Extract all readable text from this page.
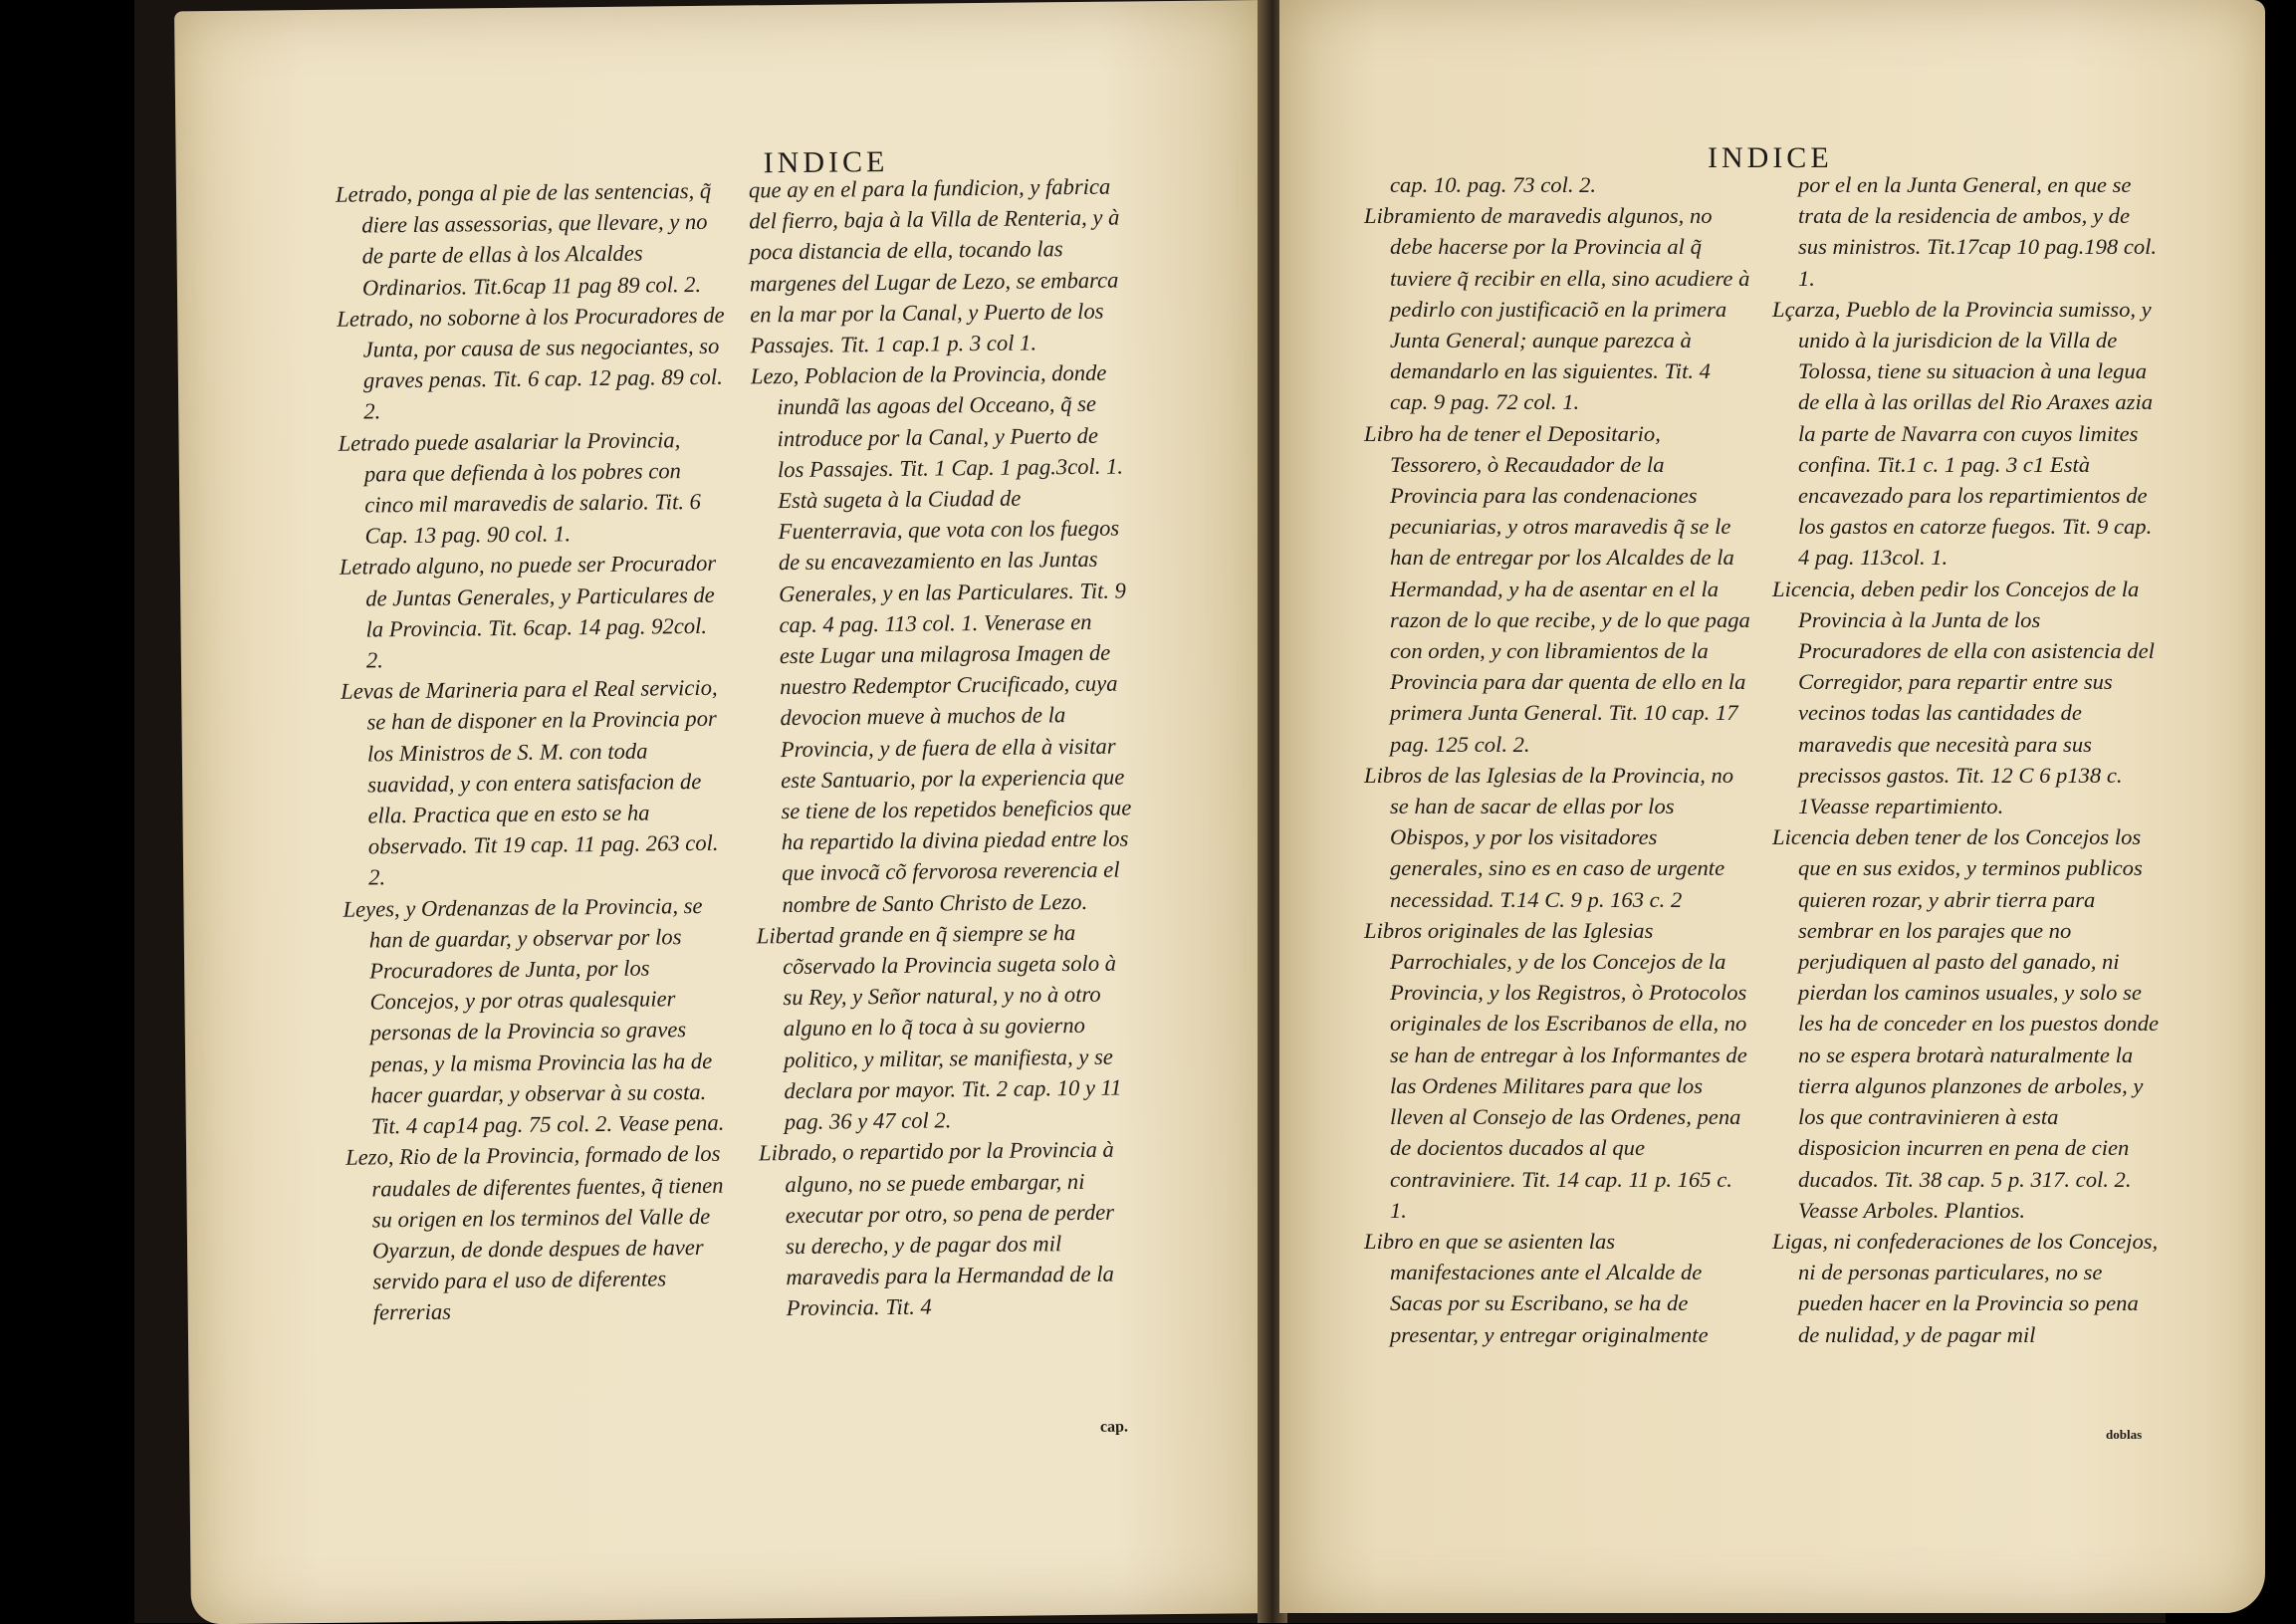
INDICE

Letrado, ponga al pie de las sentencias, q̃ diere las assessorias, que llevare, y no de parte de ellas à los Alcaldes Ordinarios. Tit.6cap 11 pag 89 col. 2.

Letrado, no soborne à los Procuradores de Junta, por causa de sus negociantes, so graves penas. Tit. 6 cap. 12 pag. 89 col. 2.

Letrado puede asalariar la Provincia, para que defienda à los pobres con cinco mil maravedis de salario. Tit. 6 Cap. 13 pag. 90 col. 1.

Letrado alguno, no puede ser Procurador de Juntas Generales, y Particulares de la Provincia. Tit. 6cap. 14 pag. 92col. 2.

Levas de Marineria para el Real servicio, se han de disponer en la Provincia por los Ministros de S. M. con toda suavidad, y con entera satisfacion de ella. Practica que en esto se ha observado. Tit 19 cap. 11 pag. 263 col. 2.

Leyes, y Ordenanzas de la Provincia, se han de guardar, y observar por los Procuradores de Junta, por los Concejos, y por otras qualesquier personas de la Provincia so graves penas, y la misma Provincia las ha de hacer guardar, y observar à su costa. Tit. 4 cap14 pag. 75 col. 2. Vease pena.

Lezo, Rio de la Provincia, formado de los raudales de diferentes fuentes, q̃ tienen su origen en los terminos del Valle de Oyarzun, de donde despues de haver servido para el uso de diferentes ferrerias

que ay en el para la fundicion, y fabrica del fierro, baja à la Villa de Renteria, y à poca distancia de ella, tocando las margenes del Lugar de Lezo, se embarca en la mar por la Canal, y Puerto de los Passajes. Tit. 1 cap.1 p. 3 col 1.

Lezo, Poblacion de la Provincia, donde inundã las agoas del Occeano, q̃ se introduce por la Canal, y Puerto de los Passajes. Tit. 1 Cap. 1 pag.3col. 1. Està sugeta à la Ciudad de Fuenterravia, que vota con los fuegos de su encavezamiento en las Juntas Generales, y en las Particulares. Tit. 9 cap. 4 pag. 113 col. 1. Venerase en este Lugar una milagrosa Imagen de nuestro Redemptor Crucificado, cuya devocion mueve à muchos de la Provincia, y de fuera de ella à visitar este Santuario, por la experiencia que se tiene de los repetidos beneficios que ha repartido la divina piedad entre los que invocã cõ fervorosa reverencia el nombre de Santo Christo de Lezo.

Libertad grande en q̃ siempre se ha cõservado la Provincia sugeta solo à su Rey, y Señor natural, y no à otro alguno en lo q̃ toca à su govierno politico, y militar, se manifiesta, y se declara por mayor. Tit. 2 cap. 10 y 11 pag. 36 y 47 col 2.

Librado, o repartido por la Provincia à alguno, no se puede embargar, ni executar por otro, so pena de perder su derecho, y de pagar dos mil maravedis para la Hermandad de la Provincia. Tit. 4

cap.
INDICE

cap. 10. pag. 73 col. 2.

Libramiento de maravedis algunos, no debe hacerse por la Provincia al q̃ tuviere q̃ recibir en ella, sino acudiere à pedirlo con justificaciõ en la primera Junta General; aunque parezca à demandarlo en las siguientes. Tit. 4 cap. 9 pag. 72 col. 1.

Libro ha de tener el Depositario, Tessorero, ò Recaudador de la Provincia para las condenaciones pecuniarias, y otros maravedis q̃ se le han de entregar por los Alcaldes de la Hermandad, y ha de asentar en el la razon de lo que recibe, y de lo que paga con orden, y con libramientos de la Provincia para dar quenta de ello en la primera Junta General. Tit. 10 cap. 17 pag. 125 col. 2.

Libros de las Iglesias de la Provincia, no se han de sacar de ellas por los Obispos, y por los visitadores generales, sino es en caso de urgente necessidad. T.14 C. 9 p. 163 c. 2

Libros originales de las Iglesias Parrochiales, y de los Concejos de la Provincia, y los Registros, ò Protocolos originales de los Escribanos de ella, no se han de entregar à los Informantes de las Ordenes Militares para que los lleven al Consejo de las Ordenes, pena de docientos ducados al que contraviniere. Tit. 14 cap. 11 p. 165 c. 1.

Libro en que se asienten las manifestaciones ante el Alcalde de Sacas por su Escribano, se ha de presentar, y entregar originalmente

por el en la Junta General, en que se trata de la residencia de ambos, y de sus ministros. Tit.17cap 10 pag.198 col. 1.

Lçarza, Pueblo de la Provincia sumisso, y unido à la jurisdicion de la Villa de Tolossa, tiene su situacion à una legua de ella à las orillas del Rio Araxes azia la parte de Navarra con cuyos limites confina. Tit.1 c. 1 pag. 3 c1 Està encavezado para los repartimientos de los gastos en catorze fuegos. Tit. 9 cap. 4 pag. 113col. 1.

Licencia, deben pedir los Concejos de la Provincia à la Junta de los Procuradores de ella con asistencia del Corregidor, para repartir entre sus vecinos todas las cantidades de maravedis que necesità para sus precissos gastos. Tit. 12 C 6 p138 c. 1Veasse repartimiento.

Licencia deben tener de los Concejos los que en sus exidos, y terminos publicos quieren rozar, y abrir tierra para sembrar en los parajes que no perjudiquen al pasto del ganado, ni pierdan los caminos usuales, y solo se les ha de conceder en los puestos donde no se espera brotarà naturalmente la tierra algunos planzones de arboles, y los que contravinieren à esta disposicion incurren en pena de cien ducados. Tit. 38 cap. 5 p. 317. col. 2. Veasse Arboles. Plantios.

Ligas, ni confederaciones de los Concejos, ni de personas particulares, no se pueden hacer en la Provincia so pena de nulidad, y de pagar mil

doblas
